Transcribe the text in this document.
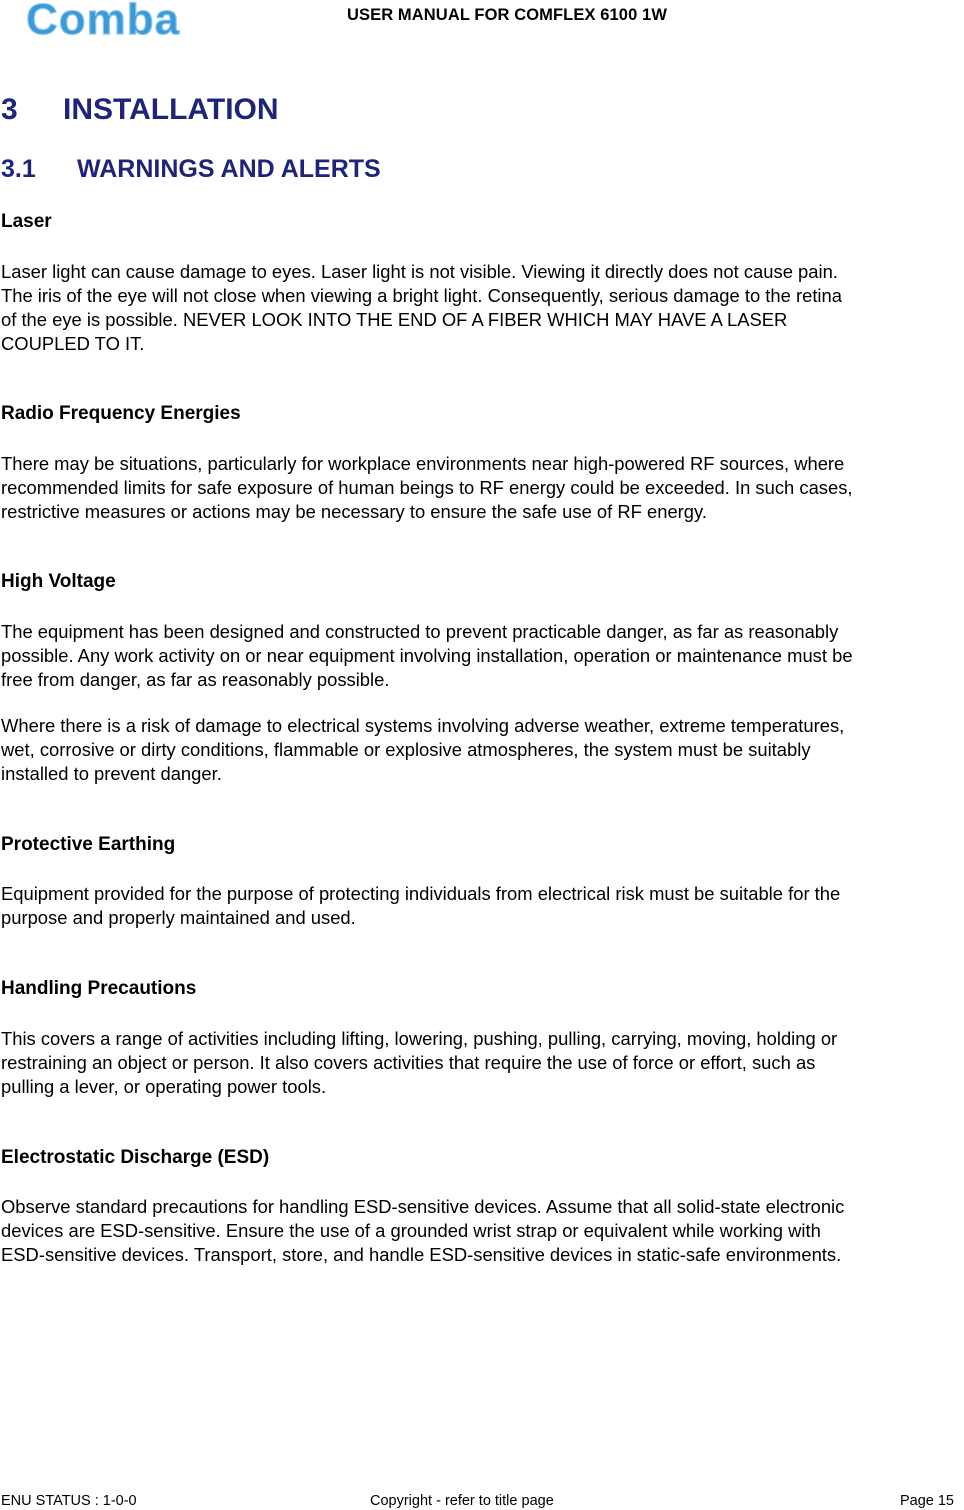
Comba	USER MANUAL FOR COMFLEX 6100 1W
3 INSTALLATION
3.1 WARNINGS AND ALERTS
Laser
Laser light can cause damage to eyes. Laser light is not visible. Viewing it directly does not cause pain.
The iris of the eye will not close when viewing a bright light. Consequently, serious damage to the retina
of the eye is possible. NEVER LOOK INTO THE END OF A FIBER WHICH MAY HAVE A LASER
COUPLED TO IT.
Radio Frequency Energies
There may be situations, particularly for workplace environments near high-powered RF sources, where
recommended limits for safe exposure of human beings to RF energy could be exceeded. In such cases,
restrictive measures or actions may be necessary to ensure the safe use of RF energy.
High Voltage
The equipment has been designed and constructed to prevent practicable danger, as far as reasonably
possible. Any work activity on or near equipment involving installation, operation or maintenance must be
free from danger, as far as reasonably possible.
Where there is a risk of damage to electrical systems involving adverse weather, extreme temperatures,
wet, corrosive or dirty conditions, flammable or explosive atmospheres, the system must be suitably
installed to prevent danger.
Protective Earthing
Equipment provided for the purpose of protecting individuals from electrical risk must be suitable for the
purpose and properly maintained and used.
Handling Precautions
This covers a range of activities including lifting, lowering, pushing, pulling, carrying, moving, holding or
restraining an object or person. It also covers activities that require the use of force or effort, such as
pulling a lever, or operating power tools.
Electrostatic Discharge (ESD)
Observe standard precautions for handling ESD-sensitive devices. Assume that all solid-state electronic
devices are ESD-sensitive. Ensure the use of a grounded wrist strap or equivalent while working with
ESD-sensitive devices. Transport, store, and handle ESD-sensitive devices in static-safe environments.
ENU STATUS : 1-0-0	Copyright - refer to title page	Page 15
